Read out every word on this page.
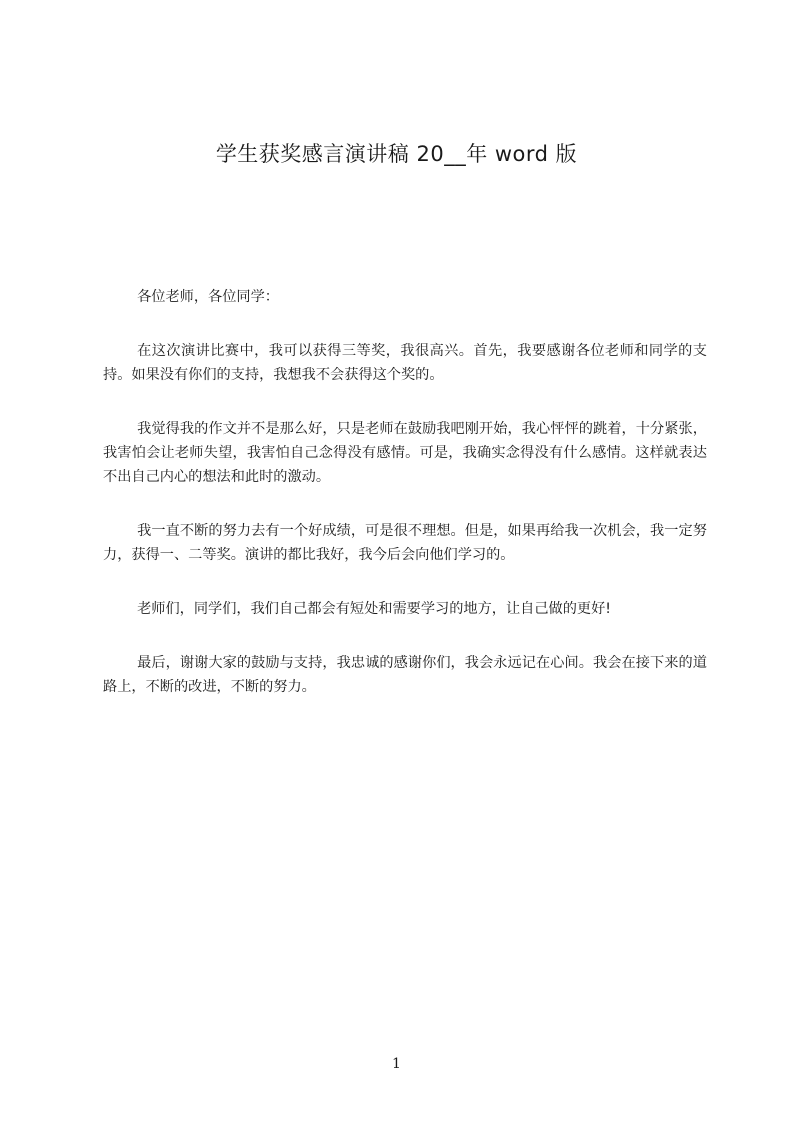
学生获奖感言演讲稿 20__年 word 版

各位老师，各位同学：

在这次演讲比赛中，我可以获得三等奖，我很高兴。首先，我要感谢各位老师和同学的支持。如果没有你们的支持，我想我不会获得这个奖的。

我觉得我的作文并不是那么好，只是老师在鼓励我吧刚开始，我心怦怦的跳着，十分紧张，我害怕会让老师失望，我害怕自己念得没有感情。可是，我确实念得没有什么感情。这样就表达不出自己内心的想法和此时的激动。

我一直不断的努力去有一个好成绩，可是很不理想。但是，如果再给我一次机会，我一定努力，获得一、二等奖。演讲的都比我好，我今后会向他们学习的。

老师们，同学们，我们自己都会有短处和需要学习的地方，让自己做的更好!

最后，谢谢大家的鼓励与支持，我忠诚的感谢你们，我会永远记在心间。我会在接下来的道路上，不断的改进，不断的努力。

1
